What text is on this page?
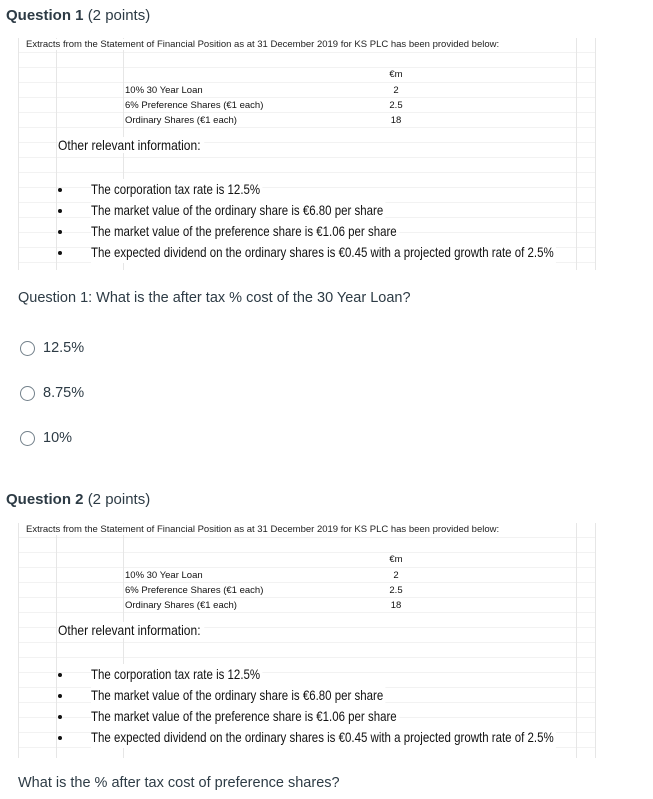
Question 1 (2 points)
Extracts from the Statement of Financial Position as at 31 December 2019 for KS PLC has been provided below:
€m
10% 30 Year Loan	2
6% Preference Shares (€1 each)	2.5
Ordinary Shares (€1 each)	18
Other relevant information:
The corporation tax rate is 12.5%
The market value of the ordinary share is €6.80 per share
The market value of the preference share is €1.06 per share
The expected dividend on the ordinary shares is €0.45 with a projected growth rate of 2.5%
Question 1: What is the after tax % cost of the 30 Year Loan?
12.5%
8.75%
10%
Question 2 (2 points)
Extracts from the Statement of Financial Position as at 31 December 2019 for KS PLC has been provided below:
€m
10% 30 Year Loan	2
6% Preference Shares (€1 each)	2.5
Ordinary Shares (€1 each)	18
Other relevant information:
The corporation tax rate is 12.5%
The market value of the ordinary share is €6.80 per share
The market value of the preference share is €1.06 per share
The expected dividend on the ordinary shares is €0.45 with a projected growth rate of 2.5%
What is the % after tax cost of preference shares?
